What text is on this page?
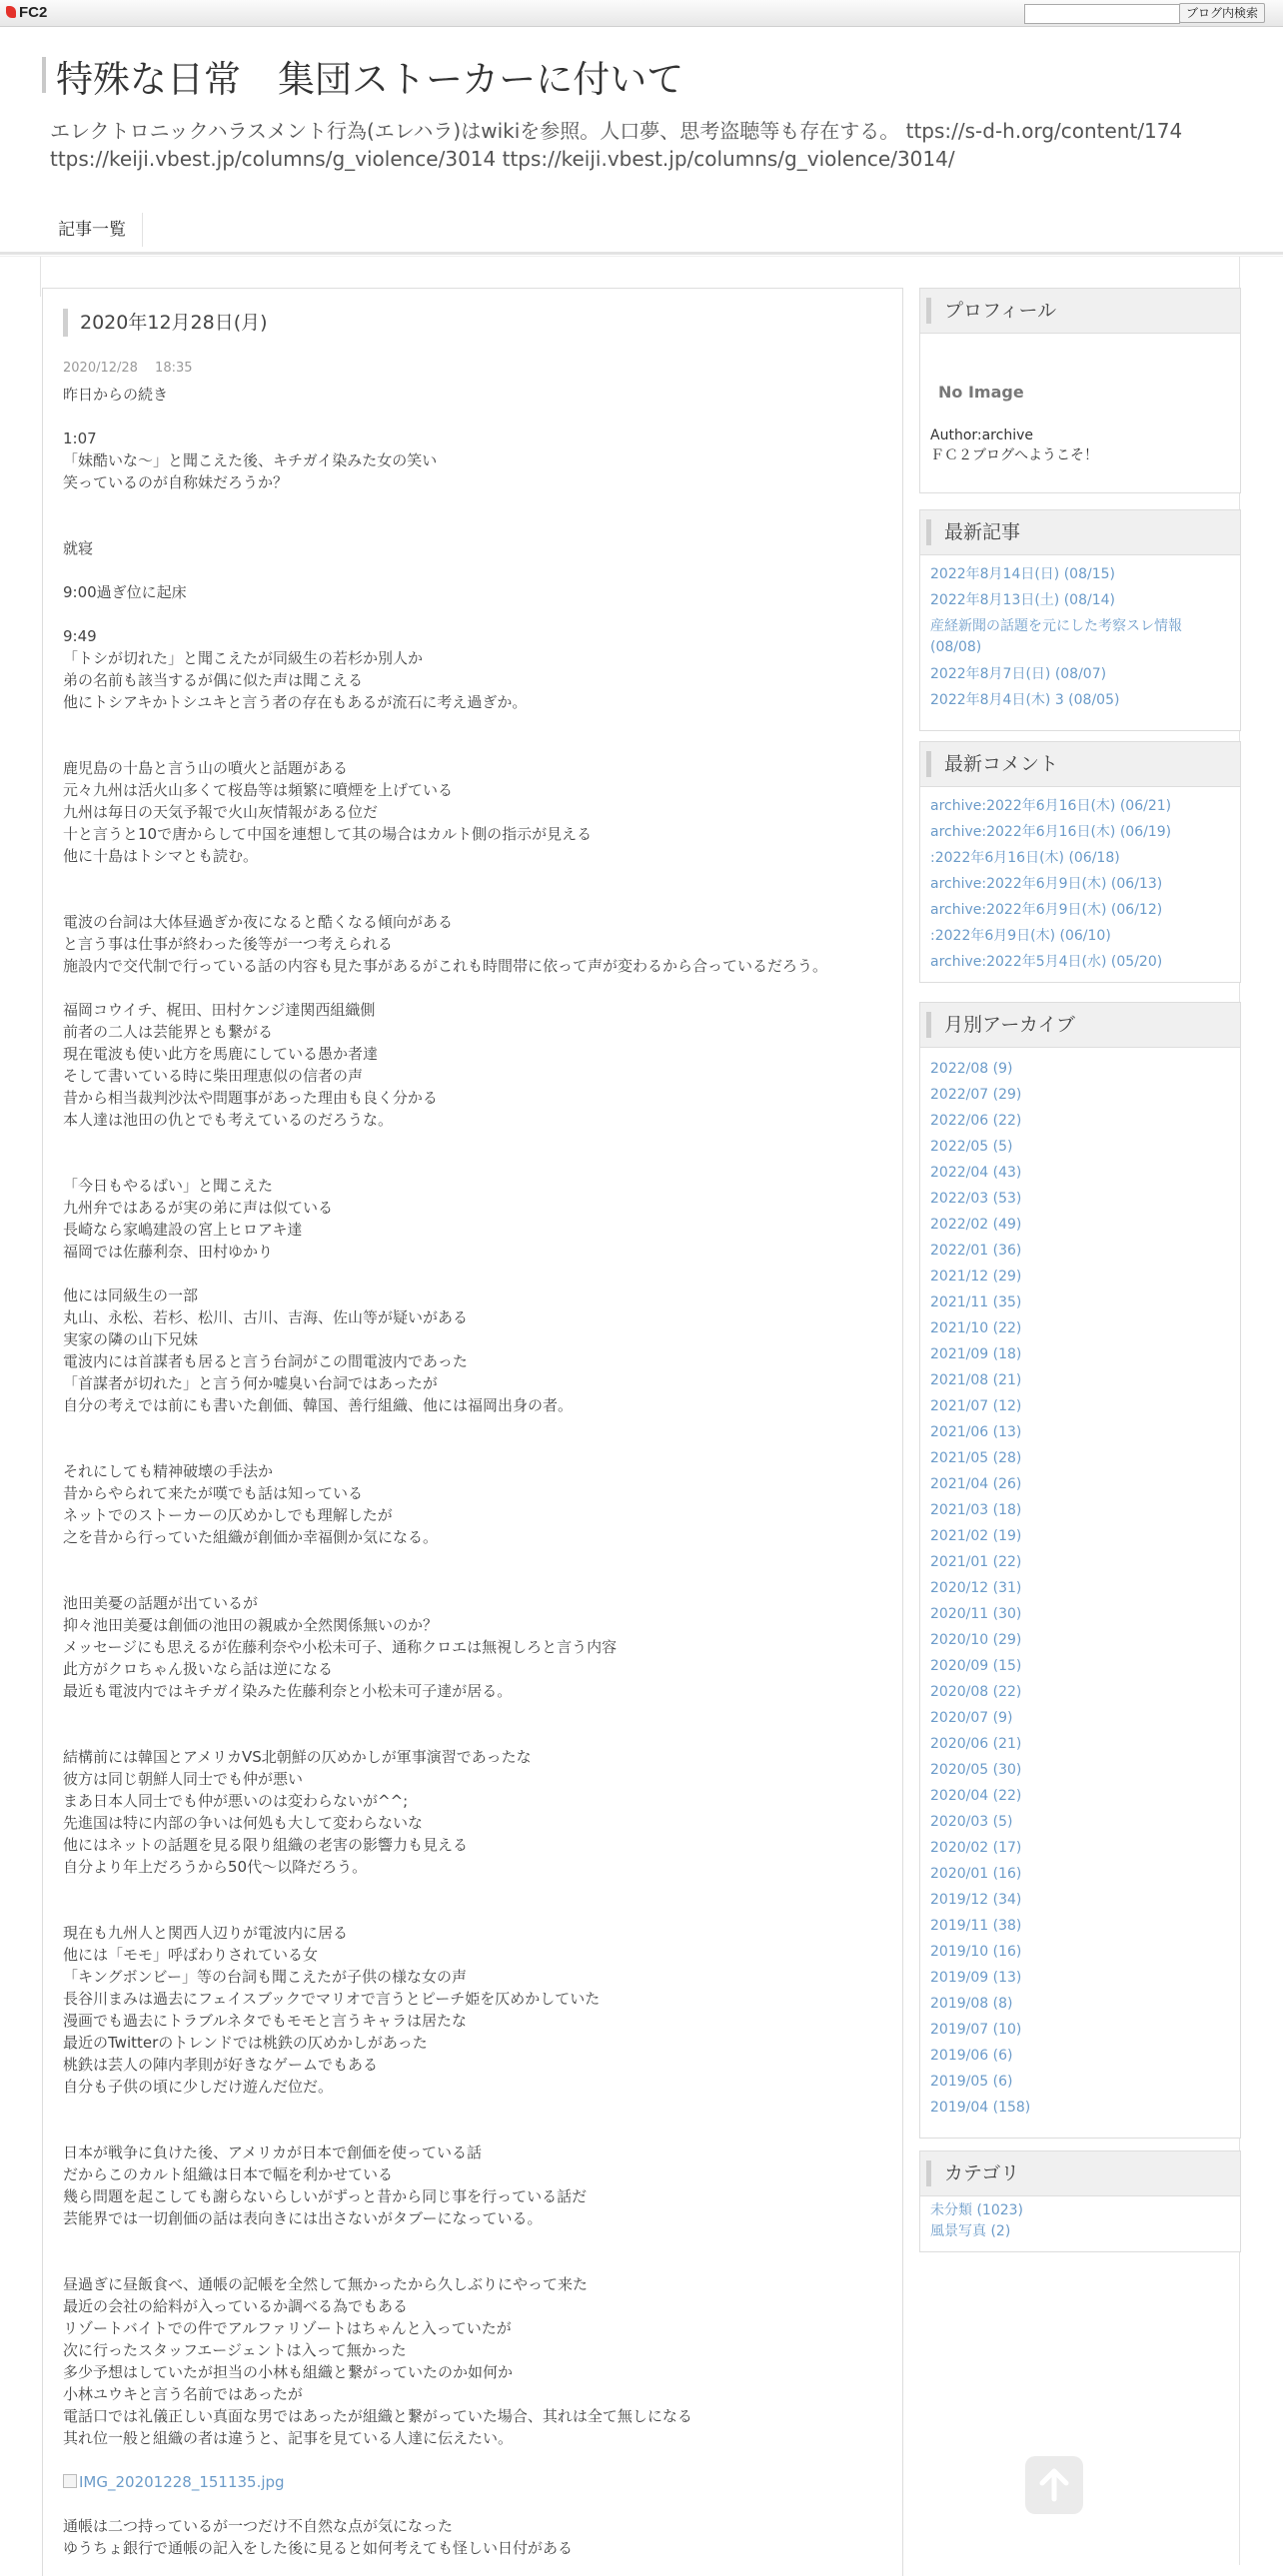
FC2	ブログ内検索
特殊な日常　集団ストーカーに付いて
エレクトロニックハラスメント行為(エレハラ)はwikiを参照。人口夢、思考盗聴等も存在する。 ttps://s-d-h.org/content/174
ttps://keiji.vbest.jp/columns/g_violence/3014 ttps://keiji.vbest.jp/columns/g_violence/3014/
記事一覧
2020年12月28日(月)
2020/12/28　 18:35
昨日からの続き

1:07
「妹酷いな～」と聞こえた後、キチガイ染みた女の笑い
笑っているのが自称妹だろうか？

就寝

9:00過ぎ位に起床

9:49
「トシが切れた」と聞こえたが同級生の若杉か別人か
弟の名前も該当するが偶に似た声は聞こえる
他にトシアキかトシユキと言う者の存在もあるが流石に考え過ぎか。

鹿児島の十島と言う山の噴火と話題がある
元々九州は活火山多くて桜島等は頻繁に噴煙を上げている
九州は毎日の天気予報で火山灰情報がある位だ
十と言うと10で唐からして中国を連想して其の場合はカルト側の指示が見える
他に十島はトシマとも読む。

電波の台詞は大体昼過ぎか夜になると酷くなる傾向がある
と言う事は仕事が終わった後等が一つ考えられる
施設内で交代制で行っている話の内容も見た事があるがこれも時間帯に依って声が変わるから合っているだろう。

福岡コウイチ、梶田、田村ケンジ達関西組織側
前者の二人は芸能界とも繋がる
現在電波も使い此方を馬鹿にしている愚か者達
そして書いている時に柴田理恵似の信者の声
昔から相当裁判沙汰や問題事があった理由も良く分かる
本人達は池田の仇とでも考えているのだろうな。

「今日もやるばい」と聞こえた
九州弁ではあるが実の弟に声は似ている
長崎なら家嶋建設の宮上ヒロアキ達
福岡では佐藤利奈、田村ゆかり

他には同級生の一部
丸山、永松、若杉、松川、古川、吉海、佐山等が疑いがある
実家の隣の山下兄妹
電波内には首謀者も居ると言う台詞がこの間電波内であった
「首謀者が切れた」と言う何か嘘臭い台詞ではあったが
自分の考えでは前にも書いた創価、韓国、善行組織、他には福岡出身の者。

それにしても精神破壊の手法か
昔からやられて来たが嘆でも話は知っている
ネットでのストーカーの仄めかしでも理解したが
之を昔から行っていた組織が創価か幸福側か気になる。

池田美憂の話題が出ているが
抑々池田美憂は創価の池田の親戚か全然関係無いのか？
メッセージにも思えるが佐藤利奈や小松未可子、通称クロエは無視しろと言う内容
此方がクロちゃん扱いなら話は逆になる
最近も電波内ではキチガイ染みた佐藤利奈と小松未可子達が居る。

結構前には韓国とアメリカVS北朝鮮の仄めかしが軍事演習であったな
彼方は同じ朝鮮人同士でも仲が悪い
まあ日本人同士でも仲が悪いのは変わらないが^^;
先進国は特に内部の争いは何処も大して変わらないな
他にはネットの話題を見る限り組織の老害の影響力も見える
自分より年上だろうから50代～以降だろう。

現在も九州人と関西人辺りが電波内に居る
他には「モモ」呼ばわりされている女
「キングボンビー」等の台詞も聞こえたが子供の様な女の声
長谷川まみは過去にフェイスブックでマリオで言うとピーチ姫を仄めかしていた
漫画でも過去にトラブルネタでもモモと言うキャラは居たな
最近のTwitterのトレンドでは桃鉄の仄めかしがあった
桃鉄は芸人の陣内孝則が好きなゲームでもある
自分も子供の頃に少しだけ遊んだ位だ。

日本が戦争に負けた後、アメリカが日本で創価を使っている話
だからこのカルト組織は日本で幅を利かせている
幾ら問題を起こしても謝らないらしいがずっと昔から同じ事を行っている話だ
芸能界では一切創価の話は表向きには出さないがタブーになっている。

昼過ぎに昼飯食べ、通帳の記帳を全然して無かったから久しぶりにやって来た
最近の会社の給料が入っているか調べる為でもある
リゾートバイトでの件でアルファリゾートはちゃんと入っていたが
次に行ったスタッフエージェントは入って無かった
多少予想はしていたが担当の小林も組織と繋がっていたのか如何か
小林ユウキと言う名前ではあったが
電話口では礼儀正しい真面な男ではあったが組織と繋がっていた場合、其れは全て無しになる
其れ位一般と組織の者は違うと、記事を見ている人達に伝えたい。

IMG_20201228_151135.jpg

通帳は二つ持っているが一つだけ不自然な点が気になった
ゆうちょ銀行で通帳の記入をした後に見ると如何考えても怪しい日付がある
プロフィール
No Image
Author:archive
ＦＣ２ブログへようこそ！
最新記事
2022年8月14日(日) (08/15)
2022年8月13日(土) (08/14)
産経新聞の話題を元にした考察スレ情報 (08/08)
2022年8月7日(日) (08/07)
2022年8月4日(木) 3 (08/05)
最新コメント
archive:2022年6月16日(木) (06/21)
archive:2022年6月16日(木) (06/19)
:2022年6月16日(木) (06/18)
archive:2022年6月9日(木) (06/13)
archive:2022年6月9日(木) (06/12)
:2022年6月9日(木) (06/10)
archive:2022年5月4日(水) (05/20)
月別アーカイブ
2022/08 (9)
2022/07 (29)
2022/06 (22)
2022/05 (5)
2022/04 (43)
2022/03 (53)
2022/02 (49)
2022/01 (36)
2021/12 (29)
2021/11 (35)
2021/10 (22)
2021/09 (18)
2021/08 (21)
2021/07 (12)
2021/06 (13)
2021/05 (28)
2021/04 (26)
2021/03 (18)
2021/02 (19)
2021/01 (22)
2020/12 (31)
2020/11 (30)
2020/10 (29)
2020/09 (15)
2020/08 (22)
2020/07 (9)
2020/06 (21)
2020/05 (30)
2020/04 (22)
2020/03 (5)
2020/02 (17)
2020/01 (16)
2019/12 (34)
2019/11 (38)
2019/10 (16)
2019/09 (13)
2019/08 (8)
2019/07 (10)
2019/06 (6)
2019/05 (6)
2019/04 (158)
カテゴリ
未分類 (1023)
風景写真 (2)
